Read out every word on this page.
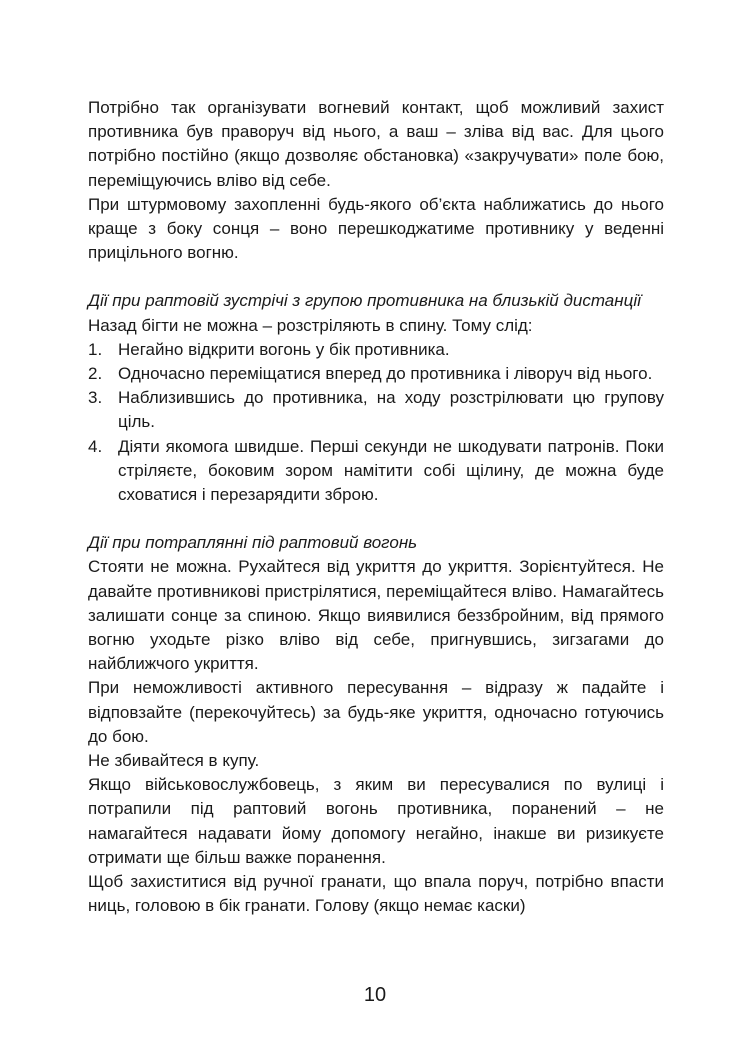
Потрібно так організувати вогневий контакт, щоб можливий захист противника був праворуч від нього, а ваш – зліва від вас. Для цього потрібно постійно (якщо дозволяє обстановка) «закручувати» поле бою, переміщуючись вліво від себе.

При штурмовому захопленні будь-якого об’єкта наближатись до нього краще з боку сонця – воно перешкоджатиме противнику у веденні прицільного вогню.

Дії при раптовій зустрічі з групою противника на близькій дистанції

Назад бігти не можна – розстріляють в спину. Тому слід:

1. Негайно відкрити вогонь у бік противника.
2. Одночасно переміщатися вперед до противника і ліворуч від нього.
3. Наблизившись до противника, на ходу розстрілювати цю групову ціль.
4. Діяти якомога швидше. Перші секунди не шкодувати патронів. Поки стріляєте, боковим зором намітити собі щілину, де можна буде сховатися і перезарядити зброю.
Дії при потраплянні під раптовий вогонь

Стояти не можна. Рухайтеся від укриття до укриття. Зорієнтуйтеся. Не давайте противникові пристрілятися, переміщайтеся вліво. Намагайтесь залишати сонце за спиною. Якщо виявилися беззбройним, від прямого вогню уходьте різко вліво від себе, пригнувшись, зигзагами до найближчого укриття.

При неможливості активного пересування – відразу ж падайте і відповзайте (перекочуйтесь) за будь-яке укриття, одночасно готуючись до бою.

Не збивайтеся в купу.

Якщо військовослужбовець, з яким ви пересувалися по вулиці і потрапили під раптовий вогонь противника, поранений – не намагайтеся надавати йому допомогу негайно, інакше ви ризикуєте отримати ще більш важке поранення.

Щоб захиститися від ручної гранати, що впала поруч, потрібно впасти ниць, головою в бік гранати. Голову (якщо немає каски)

10
